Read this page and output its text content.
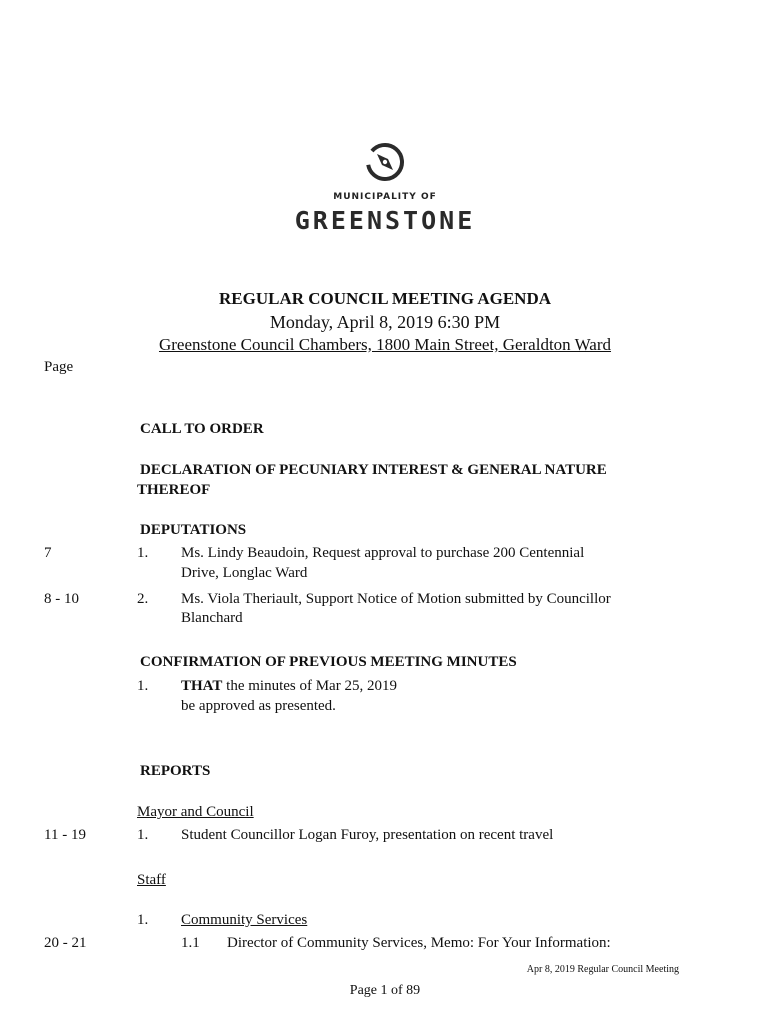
MUNICIPALITY OF
GREENSTONE
REGULAR COUNCIL MEETING AGENDA
Monday, April 8, 2019 6:30 PM
Greenstone Council Chambers, 1800 Main Street, Geraldton Ward
Page
CALL TO ORDER
DECLARATION OF PECUNIARY INTEREST & GENERAL NATURE
THEREOF
DEPUTATIONS
7	1. Ms. Lindy Beaudoin, Request approval to purchase 200 Centennial
Drive, Longlac Ward
8 - 10	2. Ms. Viola Theriault, Support Notice of Motion submitted by Councillor
Blanchard
CONFIRMATION OF PREVIOUS MEETING MINUTES
1. THAT the minutes of Mar 25, 2019
be approved as presented.
REPORTS
Mayor and Council
11 - 19	1. Student Councillor Logan Furoy, presentation on recent travel
Staff
1. Community Services
20 - 21	1.1 Director of Community Services, Memo: For Your Information:
Apr 8, 2019 Regular Council Meeting
Page 1 of 89
